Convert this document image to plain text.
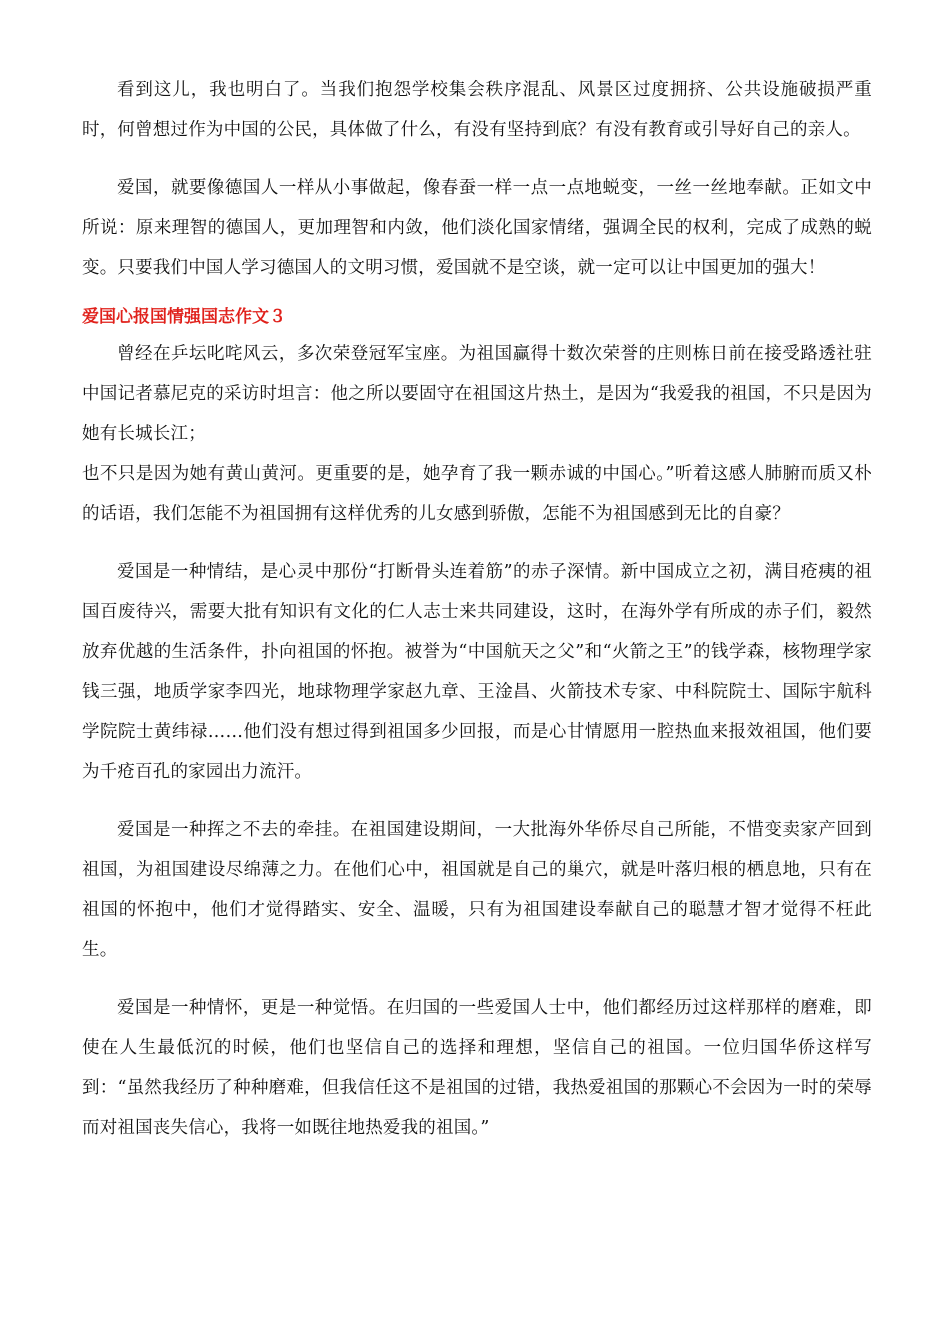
看到这儿，我也明白了。当我们抱怨学校集会秩序混乱、风景区过度拥挤、公共设施破损严重时，何曾想过作为中国的公民，具体做了什么，有没有坚持到底？有没有教育或引导好自己的亲人。

爱国，就要像德国人一样从小事做起，像春蚕一样一点一点地蜕变，一丝一丝地奉献。正如文中所说：原来理智的德国人，更加理智和内敛，他们淡化国家情绪，强调全民的权利，完成了成熟的蜕变。只要我们中国人学习德国人的文明习惯，爱国就不是空谈，就一定可以让中国更加的强大！

爱国心报国情强国志作文３

曾经在乒坛叱咤风云，多次荣登冠军宝座。为祖国赢得十数次荣誉的庄则栋日前在接受路透社驻中国记者慕尼克的采访时坦言：他之所以要固守在祖国这片热土，是因为“我爱我的祖国，不只是因为她有长城长江；

也不只是因为她有黄山黄河。更重要的是，她孕育了我一颗赤诚的中国心。”听着这感人肺腑而质又朴的话语，我们怎能不为祖国拥有这样优秀的儿女感到骄傲，怎能不为祖国感到无比的自豪？

爱国是一种情结，是心灵中那份“打断骨头连着筋”的赤子深情。新中国成立之初，满目疮痍的祖国百废待兴，需要大批有知识有文化的仁人志士来共同建设，这时，在海外学有所成的赤子们，毅然放弃优越的生活条件，扑向祖国的怀抱。被誉为“中国航天之父”和“火箭之王”的钱学森，核物理学家钱三强，地质学家李四光，地球物理学家赵九章、王淦昌、火箭技术专家、中科院院士、国际宇航科学院院士黄纬禄……他们没有想过得到祖国多少回报，而是心甘情愿用一腔热血来报效祖国，他们要为千疮百孔的家园出力流汗。

爱国是一种挥之不去的牵挂。在祖国建设期间，一大批海外华侨尽自己所能，不惜变卖家产回到祖国，为祖国建设尽绵薄之力。在他们心中，祖国就是自己的巢穴，就是叶落归根的栖息地，只有在祖国的怀抱中，他们才觉得踏实、安全、温暖，只有为祖国建设奉献自己的聪慧才智才觉得不枉此生。

爱国是一种情怀，更是一种觉悟。在归国的一些爱国人士中，他们都经历过这样那样的磨难，即使在人生最低沉的时候，他们也坚信自己的选择和理想，坚信自己的祖国。一位归国华侨这样写到：“虽然我经历了种种磨难，但我信任这不是祖国的过错，我热爱祖国的那颗心不会因为一时的荣辱而对祖国丧失信心，我将一如既往地热爱我的祖国。”
